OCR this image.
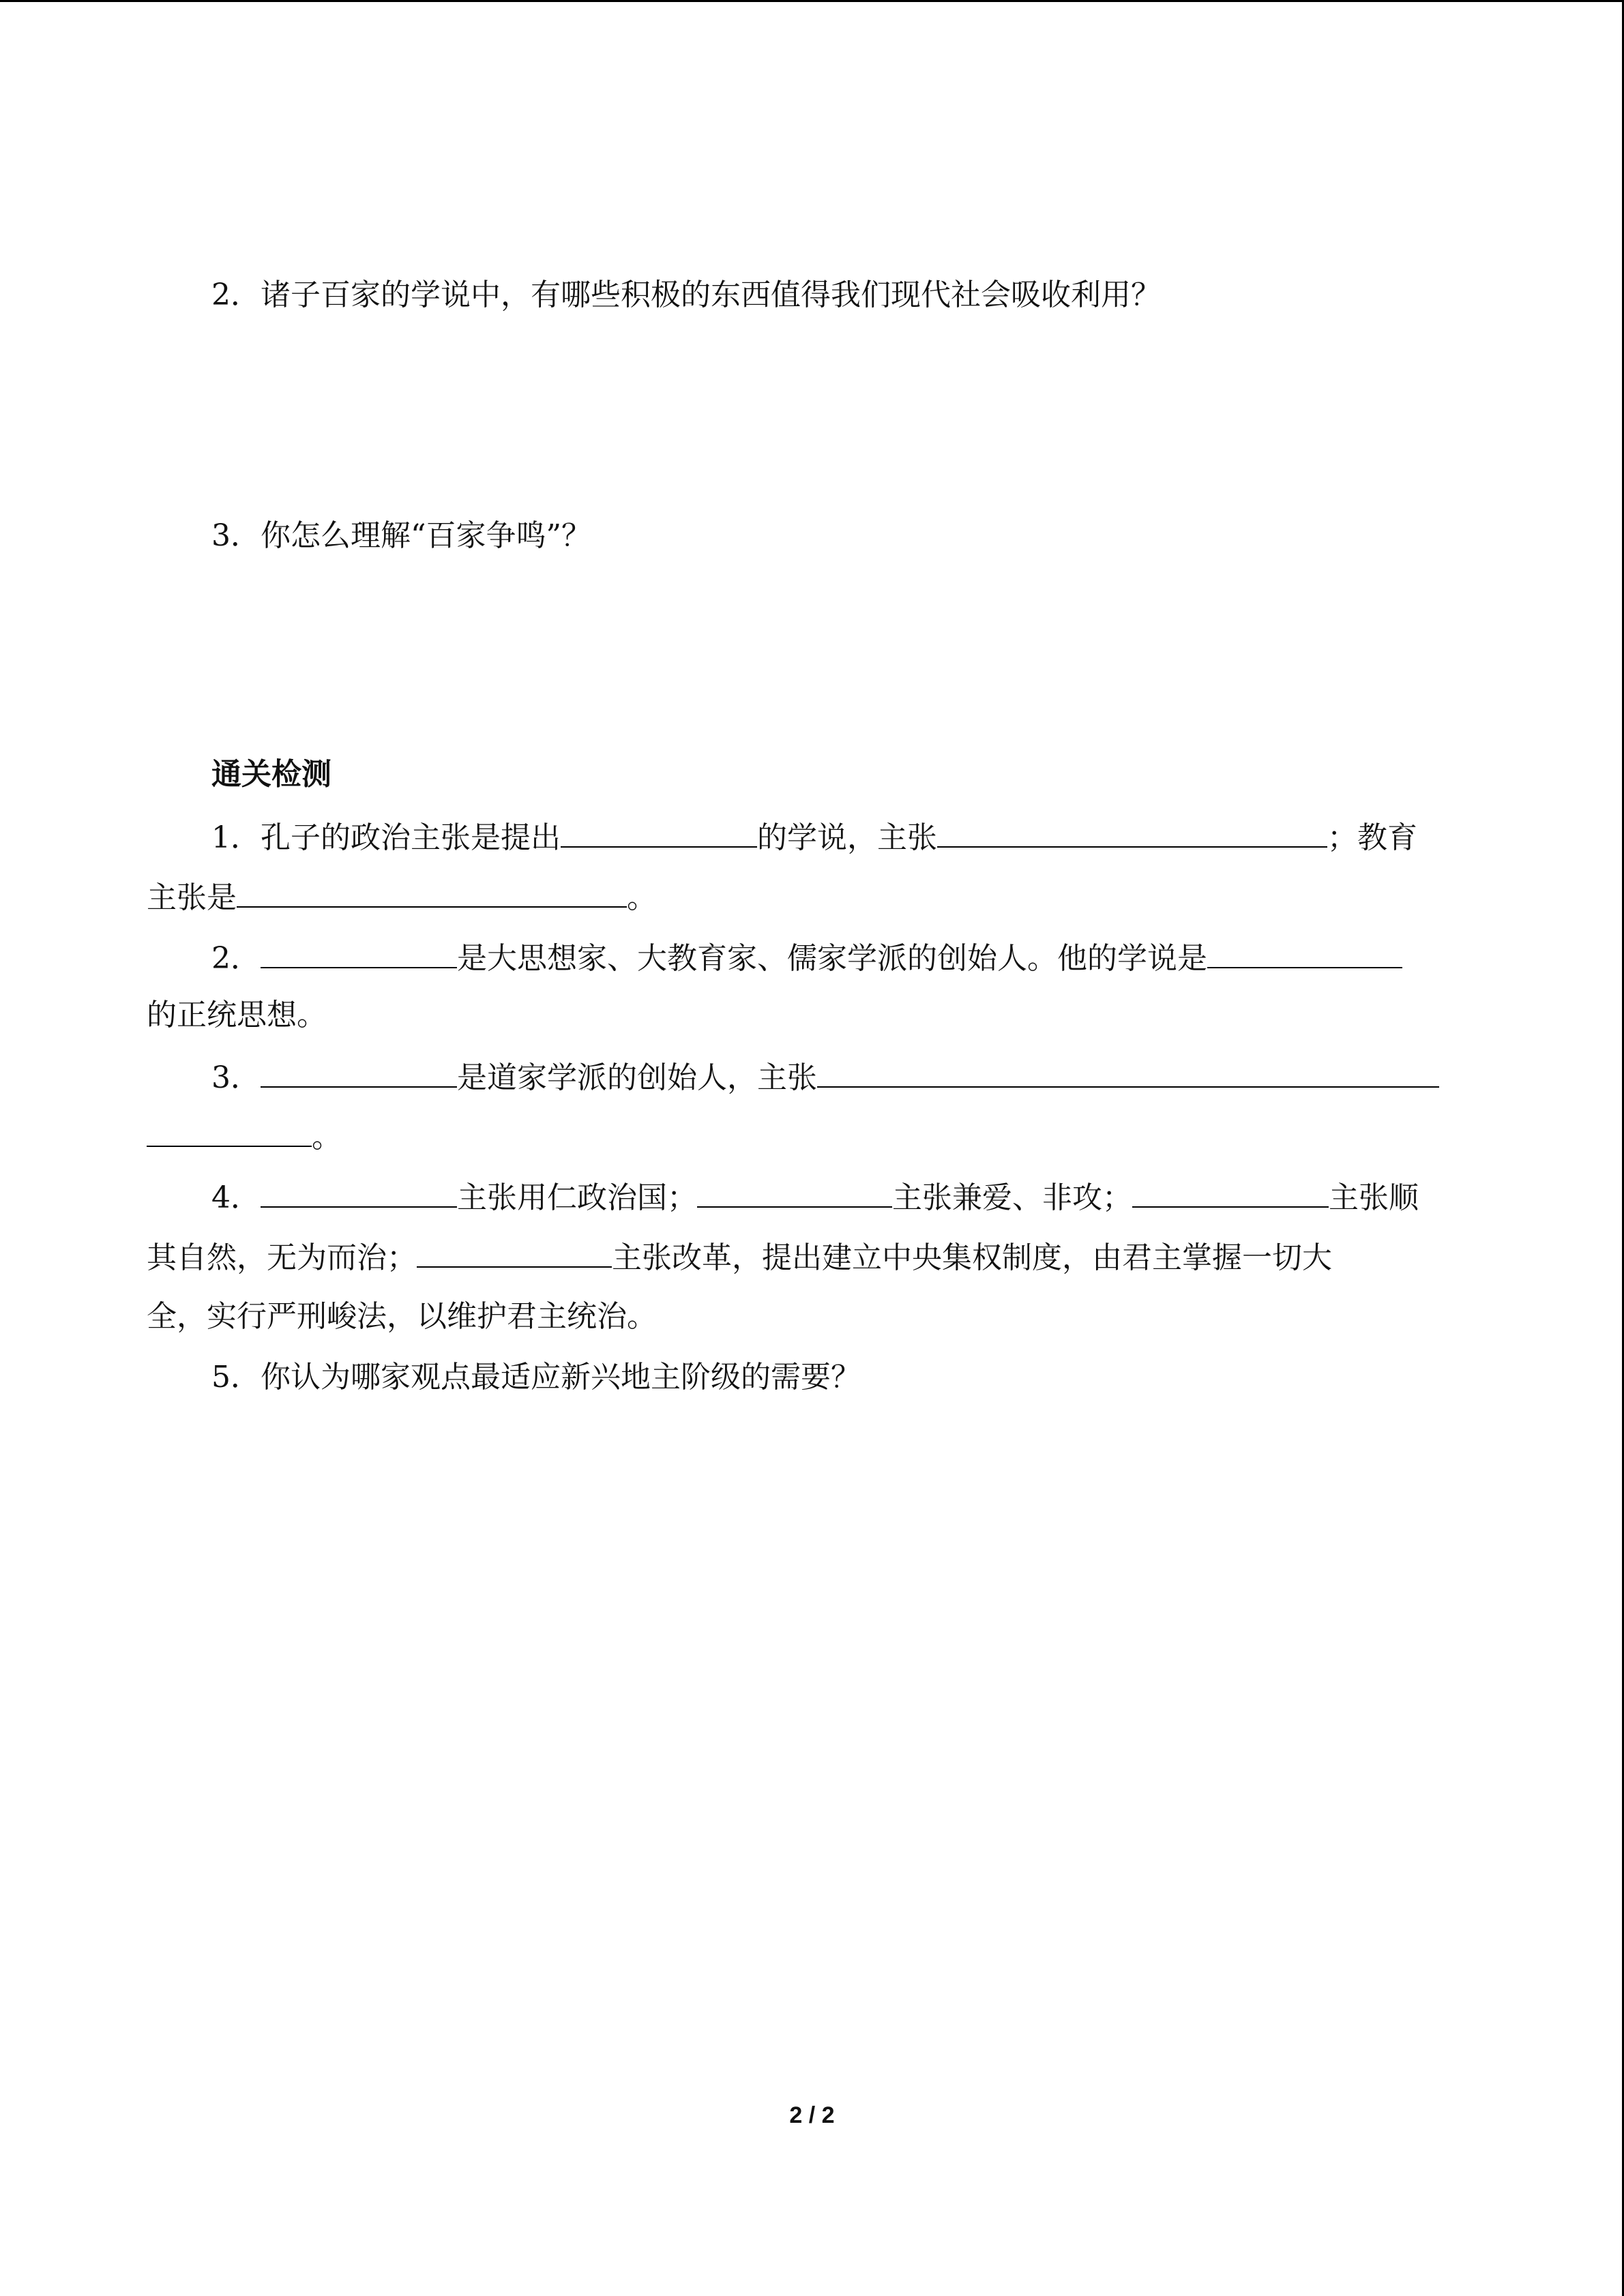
2．诸子百家的学说中，有哪些积极的东西值得我们现代社会吸收利用？
3．你怎么理解“百家争鸣”？
通关检测
1．孔子的政治主张是提出	的学说，主张	；教育
主张是	。
2．	是大思想家、大教育家、儒家学派的创始人。他的学说是
的正统思想。
3．	是道家学派的创始人，主张
。
4．	主张用仁政治国；	主张兼爱、非攻；	主张顺
其自然，无为而治；	主张改革，提出建立中央集权制度，由君主掌握一切大
全，实行严刑峻法，以维护君主统治。
5．你认为哪家观点最适应新兴地主阶级的需要？
2 / 2
